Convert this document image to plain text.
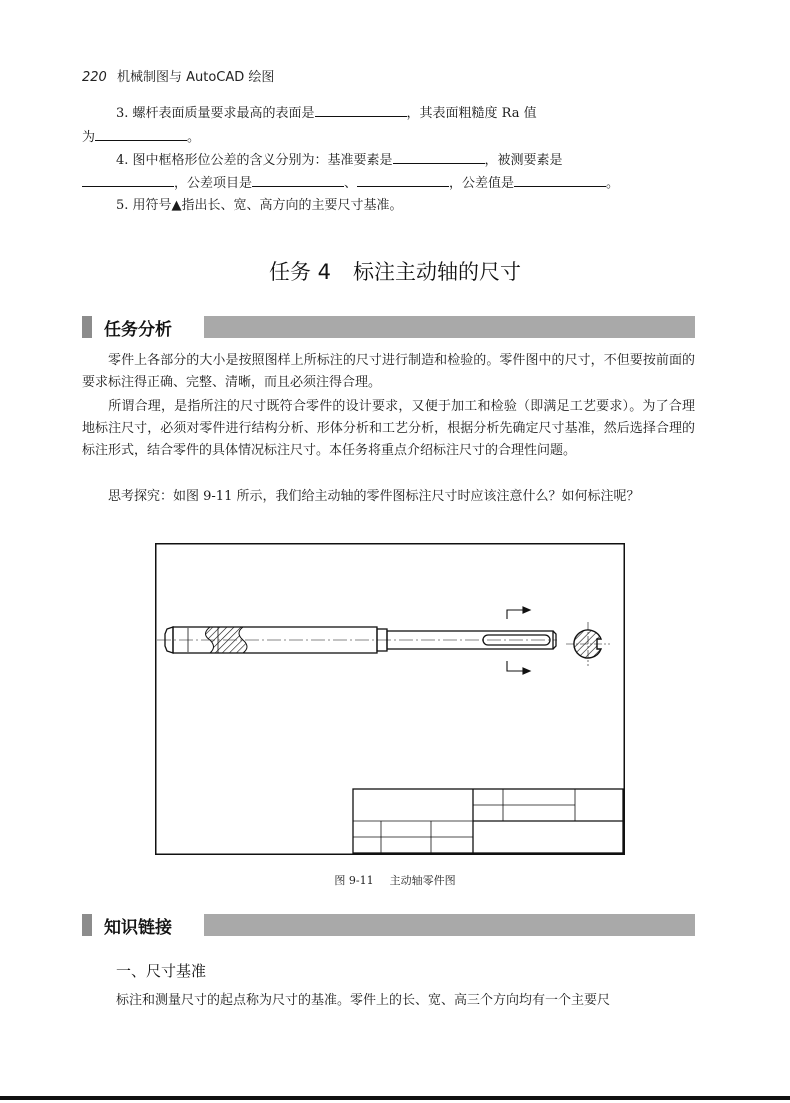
220 机械制图与 AutoCAD 绘图
3. 螺杆表面质量要求最高的表面是	，其表面粗糙度 Ra 值
为	。
4. 图中框格形位公差的含义分别为：基准要素是	，被测要素是
，公差项目是	、	，公差值是	。
5. 用符号▲指出长、宽、高方向的主要尺寸基准。
任务 4 标注主动轴的尺寸
任务分析
零件上各部分的大小是按照图样上所标注的尺寸进行制造和检验的。零件图中的尺寸，不但要按前面的要求标注得正确、完整、清晰，而且必须注得合理。
所谓合理，是指所注的尺寸既符合零件的设计要求，又便于加工和检验（即满足工艺要求）。为了合理地标注尺寸，必须对零件进行结构分析、形体分析和工艺分析，根据分析先确定尺寸基准，然后选择合理的标注形式，结合零件的具体情况标注尺寸。本任务将重点介绍标注尺寸的合理性问题。
思考探究：如图 9-11 所示，我们给主动轴的零件图标注尺寸时应该注意什么？如何标注呢？
图 9-11 主动轴零件图
知识链接
一、尺寸基准
标注和测量尺寸的起点称为尺寸的基准。零件上的长、宽、高三个方向均有一个主要尺
